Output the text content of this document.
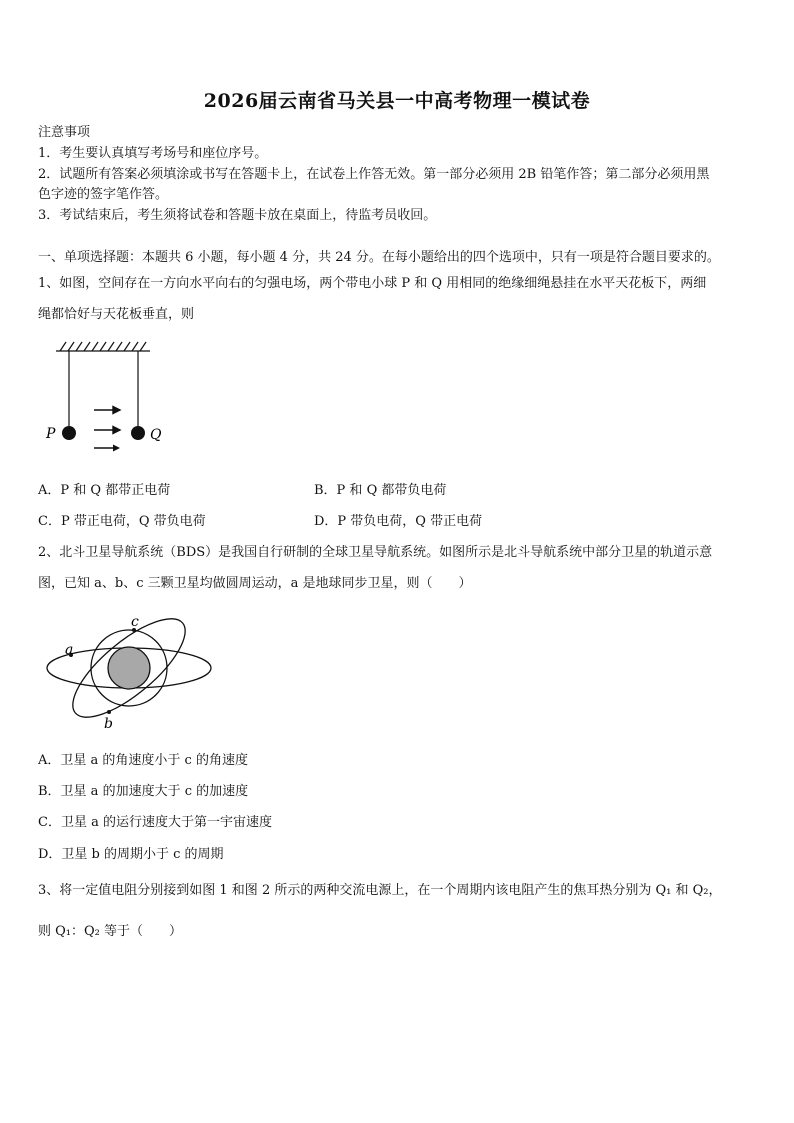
2026届云南省马关县一中高考物理一模试卷
注意事项
1．考生要认真填写考场号和座位序号。
2．试题所有答案必须填涂或书写在答题卡上，在试卷上作答无效。第一部分必须用 2B 铅笔作答；第二部分必须用黑
色字迹的签字笔作答。
3．考试结束后，考生须将试卷和答题卡放在桌面上，待监考员收回。
一、单项选择题：本题共 6 小题，每小题 4 分，共 24 分。在每小题给出的四个选项中，只有一项是符合题目要求的。
1、如图，空间存在一方向水平向右的匀强电场，两个带电小球 P 和 Q 用相同的绝缘细绳悬挂在水平天花板下，两细
绳都恰好与天花板垂直，则
P	Q
A．P 和 Q 都带正电荷	B．P 和 Q 都带负电荷
C．P 带正电荷，Q 带负电荷	D．P 带负电荷，Q 带正电荷
2、北斗卫星导航系统（BDS）是我国自行研制的全球卫星导航系统。如图所示是北斗导航系统中部分卫星的轨道示意
图，已知 a、b、c 三颗卫星均做圆周运动，a 是地球同步卫星，则（　　）
a
b
c
A．卫星 a 的角速度小于 c 的角速度
B．卫星 a 的加速度大于 c 的加速度
C．卫星 a 的运行速度大于第一宇宙速度
D．卫星 b 的周期小于 c 的周期
3、将一定值电阻分别接到如图 1 和图 2 所示的两种交流电源上，在一个周期内该电阻产生的焦耳热分别为 Q₁ 和 Q₂，
则 Q₁：Q₂ 等于（　　）
